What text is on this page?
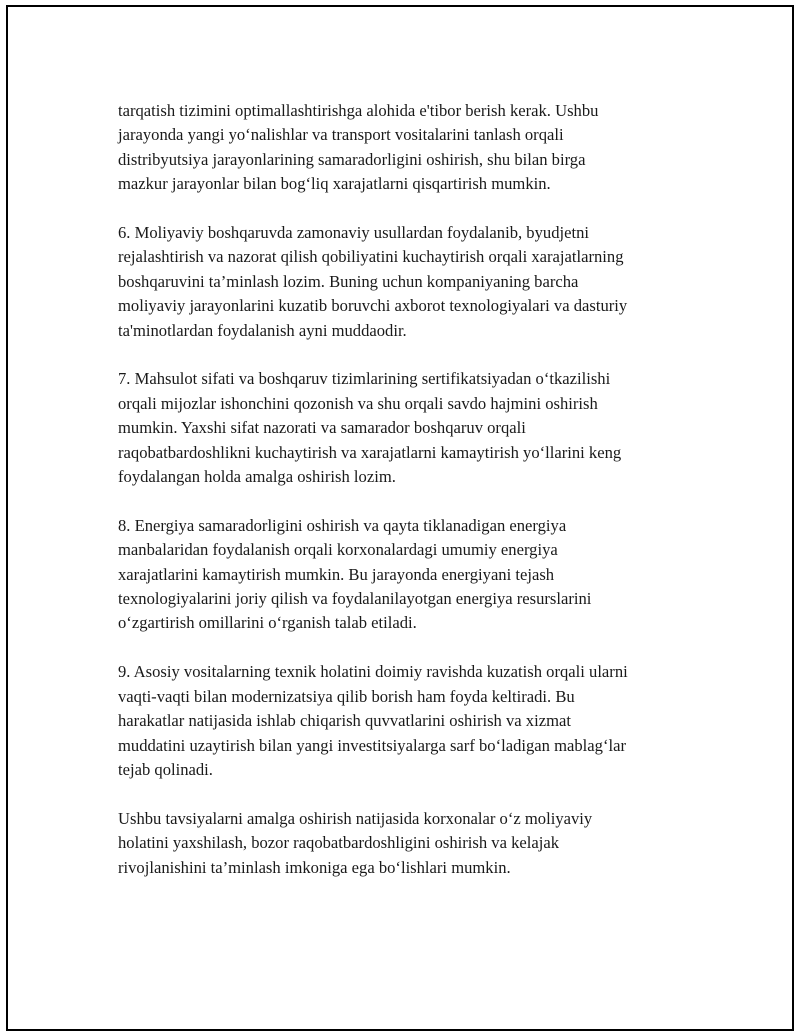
tarqatish tizimini optimallashtirishga alohida e'tibor berish kerak. Ushbu
jarayonda yangi yo‘nalishlar va transport vositalarini tanlash orqali
distribyutsiya jarayonlarining samaradorligini oshirish, shu bilan birga
mazkur jarayonlar bilan bog‘liq xarajatlarni qisqartirish mumkin.
6. Moliyaviy boshqaruvda zamonaviy usullardan foydalanib, byudjetni
rejalashtirish va nazorat qilish qobiliyatini kuchaytirish orqali xarajatlarning
boshqaruvini ta’minlash lozim. Buning uchun kompaniyaning barcha
moliyaviy jarayonlarini kuzatib boruvchi axborot texnologiyalari va dasturiy
ta'minotlardan foydalanish ayni muddaodir.
7. Mahsulot sifati va boshqaruv tizimlarining sertifikatsiyadan o‘tkazilishi
orqali mijozlar ishonchini qozonish va shu orqali savdo hajmini oshirish
mumkin. Yaxshi sifat nazorati va samarador boshqaruv orqali
raqobatbardoshlikni kuchaytirish va xarajatlarni kamaytirish yo‘llarini keng
foydalangan holda amalga oshirish lozim.
8. Energiya samaradorligini oshirish va qayta tiklanadigan energiya
manbalaridan foydalanish orqali korxonalardagi umumiy energiya
xarajatlarini kamaytirish mumkin. Bu jarayonda energiyani tejash
texnologiyalarini joriy qilish va foydalanilayotgan energiya resurslarini
o‘zgartirish omillarini o‘rganish talab etiladi.
9. Asosiy vositalarning texnik holatini doimiy ravishda kuzatish orqali ularni
vaqti-vaqti bilan modernizatsiya qilib borish ham foyda keltiradi. Bu
harakatlar natijasida ishlab chiqarish quvvatlarini oshirish va xizmat
muddatini uzaytirish bilan yangi investitsiyalarga sarf bo‘ladigan mablag‘lar
tejab qolinadi.
Ushbu tavsiyalarni amalga oshirish natijasida korxonalar o‘z moliyaviy
holatini yaxshilash, bozor raqobatbardoshligini oshirish va kelajak
rivojlanishini ta’minlash imkoniga ega bo‘lishlari mumkin.
